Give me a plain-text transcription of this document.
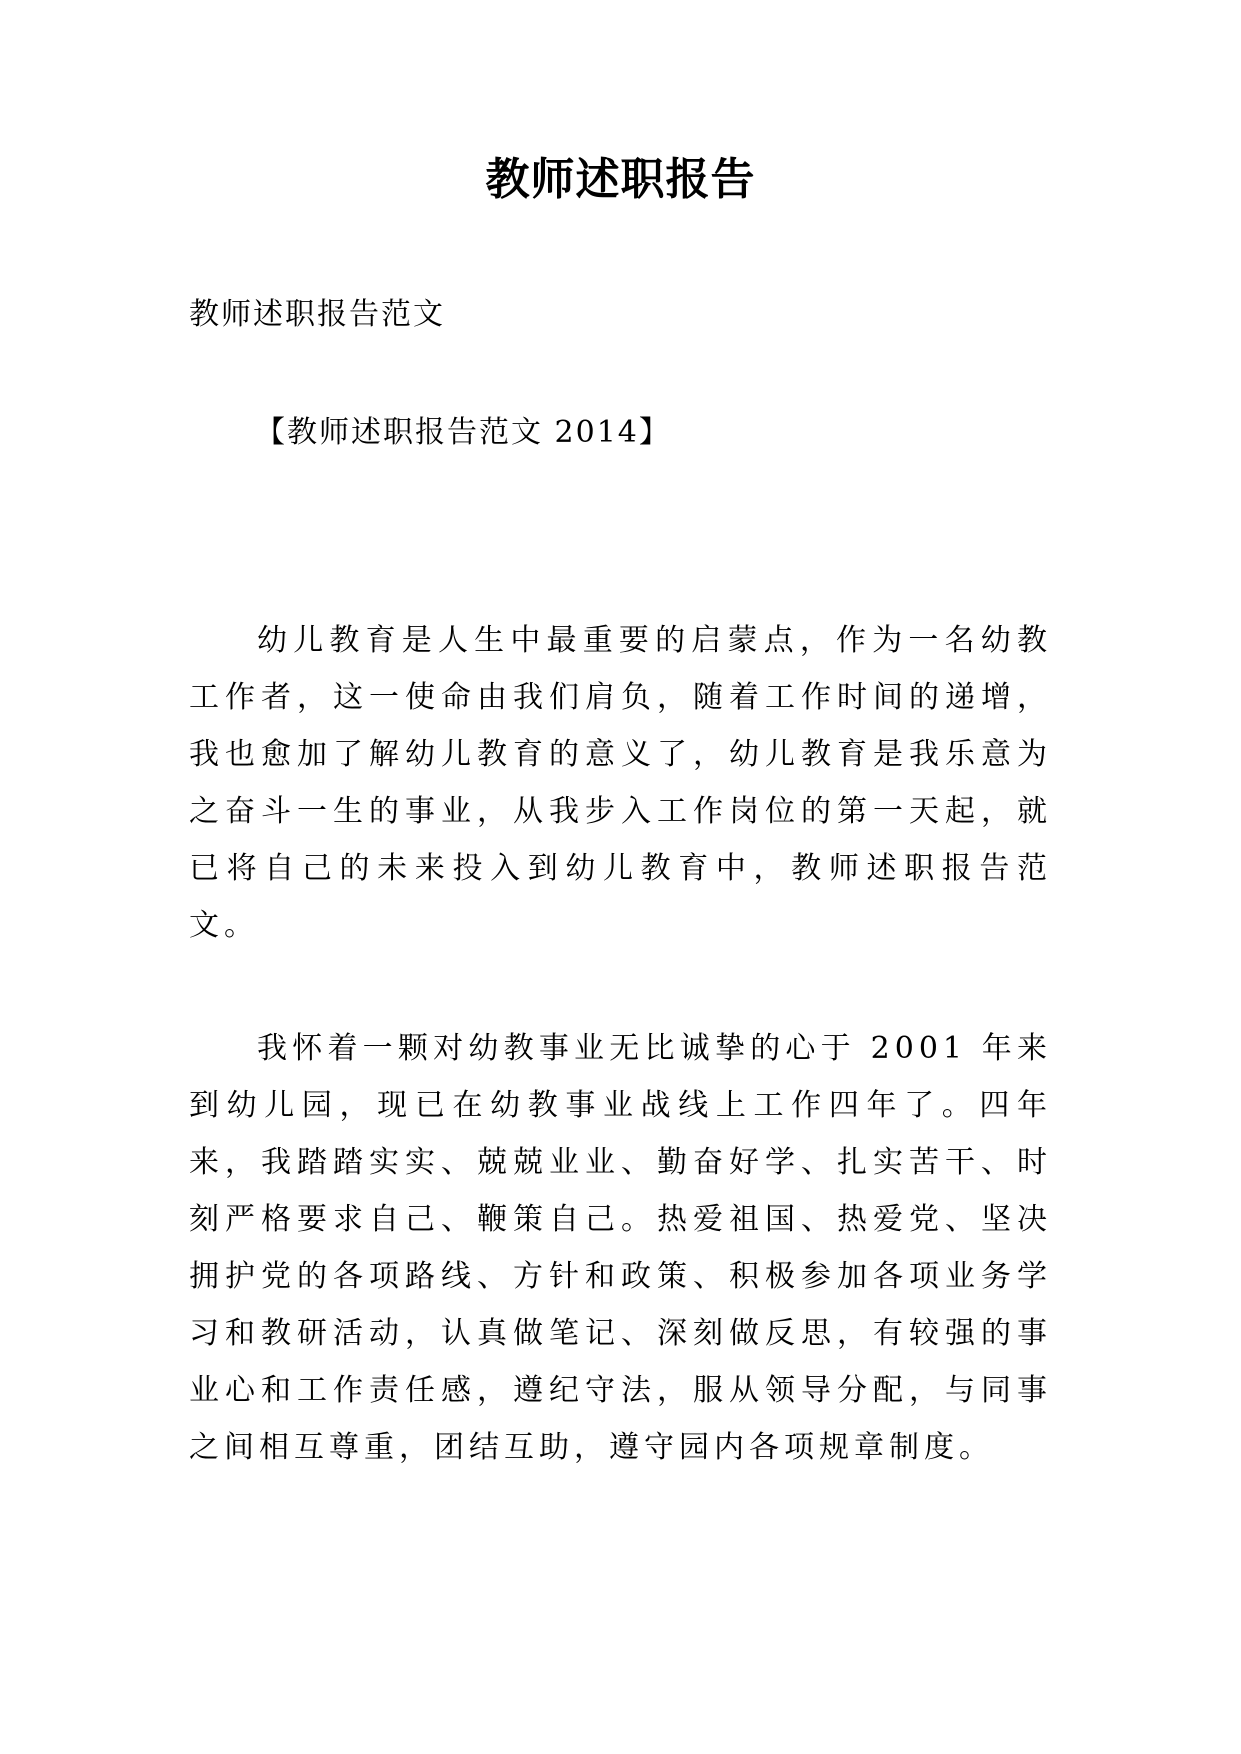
教师述职报告
教师述职报告范文
【教师述职报告范文 2014】

幼儿教育是人生中最重要的启蒙点，作为一名幼教工作者，这一使命由我们肩负，随着工作时间的递增，我也愈加了解幼儿教育的意义了，幼儿教育是我乐意为之奋斗一生的事业，从我步入工作岗位的第一天起，就已将自己的未来投入到幼儿教育中，教师述职报告范文。

我怀着一颗对幼教事业无比诚挚的心于 2001 年来到幼儿园，现已在幼教事业战线上工作四年了。四年来，我踏踏实实、兢兢业业、勤奋好学、扎实苦干、时刻严格要求自己、鞭策自己。热爱祖国、热爱党、坚决拥护党的各项路线、方针和政策、积极参加各项业务学习和教研活动，认真做笔记、深刻做反思，有较强的事业心和工作责任感，遵纪守法，服从领导分配，与同事之间相互尊重，团结互助，遵守园内各项规章制度。
